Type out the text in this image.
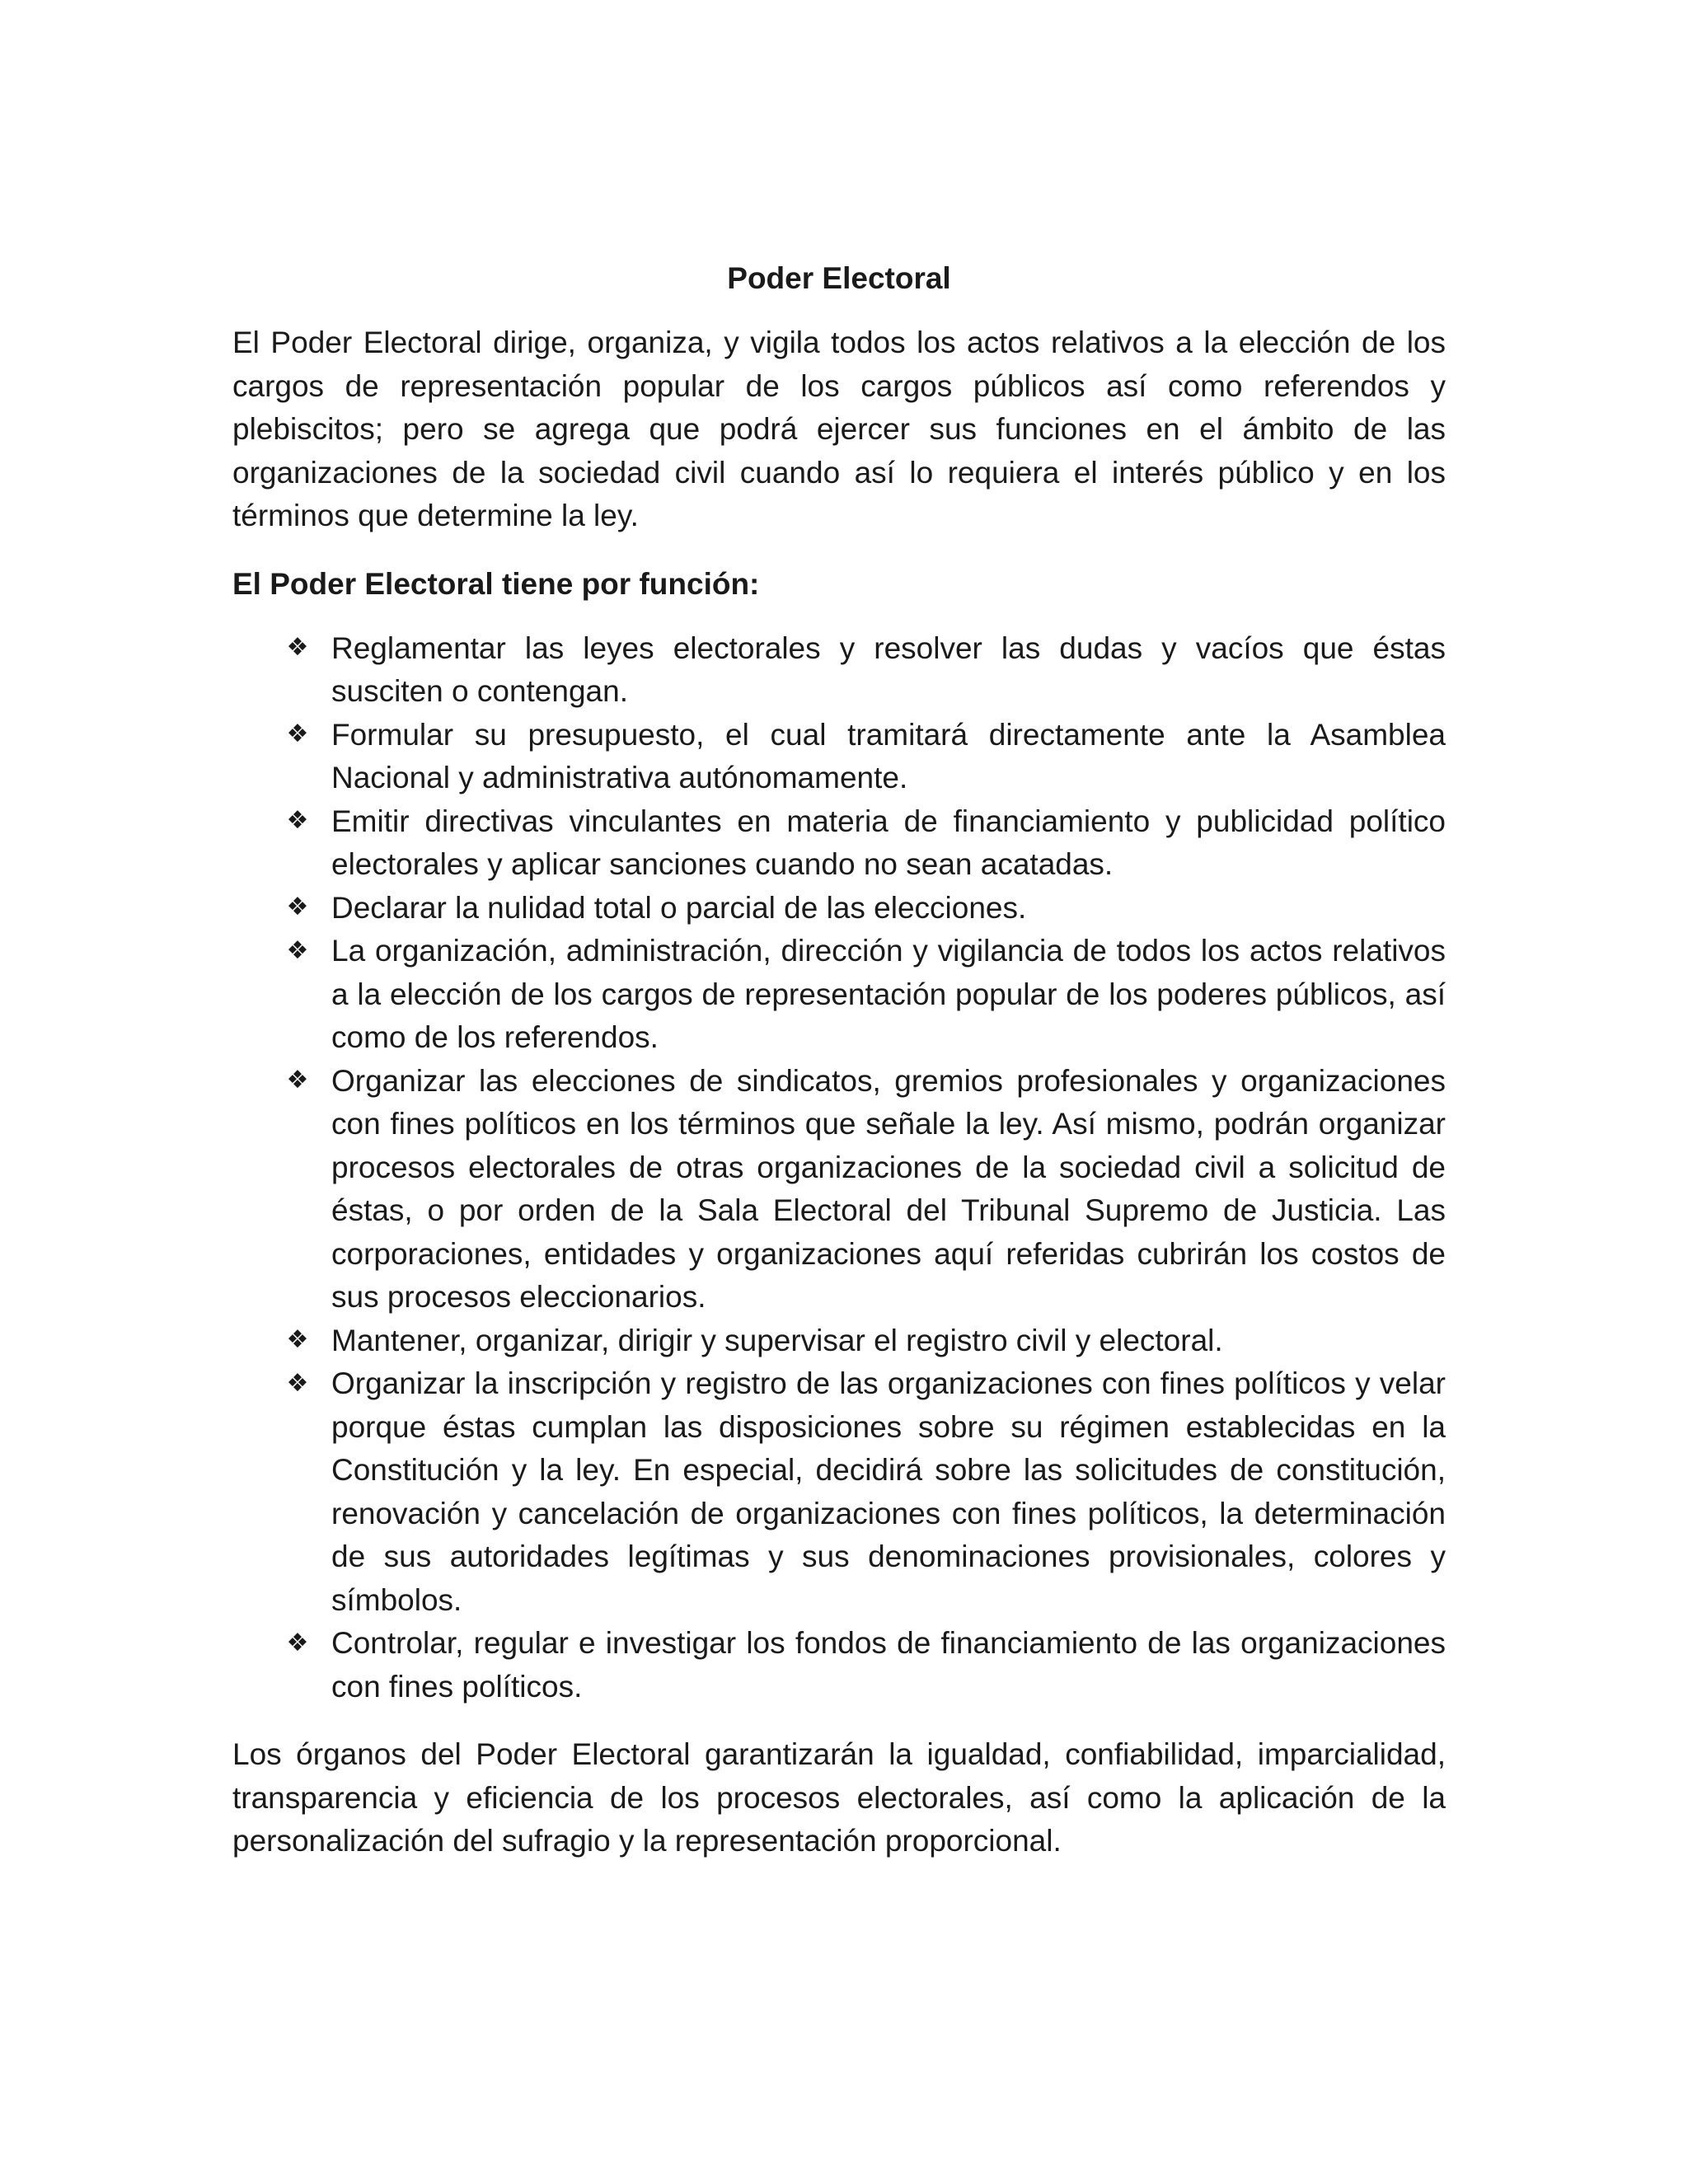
Poder Electoral

El Poder Electoral dirige, organiza, y vigila todos los actos relativos a la elección de los cargos de representación popular de los cargos públicos así como referendos y plebiscitos; pero se agrega que podrá ejercer sus funciones en el ámbito de las organizaciones de la sociedad civil cuando así lo requiera el interés público y en los términos que determine la ley.

El Poder Electoral tiene por función:
❖ Reglamentar las leyes electorales y resolver las dudas y vacíos que éstas susciten o contengan.
❖ Formular su presupuesto, el cual tramitará directamente ante la Asamblea Nacional y administrativa autónomamente.
❖ Emitir directivas vinculantes en materia de financiamiento y publicidad político electorales y aplicar sanciones cuando no sean acatadas.
❖ Declarar la nulidad total o parcial de las elecciones.
❖ La organización, administración, dirección y vigilancia de todos los actos relativos a la elección de los cargos de representación popular de los poderes públicos, así como de los referendos.
❖ Organizar las elecciones de sindicatos, gremios profesionales y organizaciones con fines políticos en los términos que señale la ley. Así mismo, podrán organizar procesos electorales de otras organizaciones de la sociedad civil a solicitud de éstas, o por orden de la Sala Electoral del Tribunal Supremo de Justicia. Las corporaciones, entidades y organizaciones aquí referidas cubrirán los costos de sus procesos eleccionarios.
❖ Mantener, organizar, dirigir y supervisar el registro civil y electoral.
❖ Organizar la inscripción y registro de las organizaciones con fines políticos y velar porque éstas cumplan las disposiciones sobre su régimen establecidas en la Constitución y la ley. En especial, decidirá sobre las solicitudes de constitución, renovación y cancelación de organizaciones con fines políticos, la determinación de sus autoridades legítimas y sus denominaciones provisionales, colores y símbolos.
❖ Controlar, regular e investigar los fondos de financiamiento de las organizaciones con fines políticos.

Los órganos del Poder Electoral garantizarán la igualdad, confiabilidad, imparcialidad, transparencia y eficiencia de los procesos electorales, así como la aplicación de la personalización del sufragio y la representación proporcional.
